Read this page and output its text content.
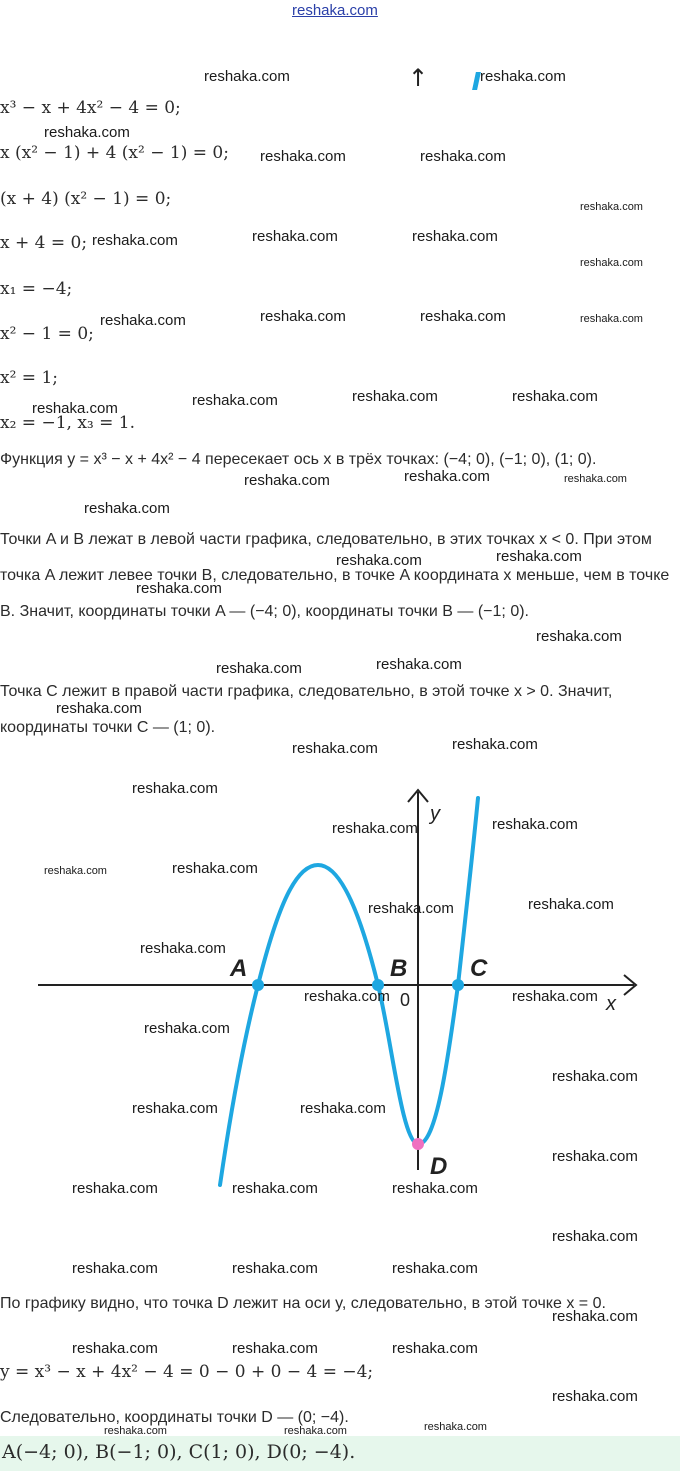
reshaka.com
↑
x³ − x + 4x² − 4 = 0;
x (x² − 1) + 4 (x² − 1) = 0;
(x + 4) (x² − 1) = 0;
x + 4 = 0;
x₁ = −4;
x² − 1 = 0;
x² = 1;
x₂ = −1, x₃ = 1.
Функция y = x³ − x + 4x² − 4 пересекает ось x в трёх точках: (−4; 0), (−1; 0), (1; 0).
Точки A и B лежат в левой части графика, следовательно, в этих точках x < 0. При этом точка A лежит левее точки B, следовательно, в точке A координата x меньше, чем в точке B. Значит, координаты точки A — (−4; 0), координаты точки B — (−1; 0).
Точка C лежит в правой части графика, следовательно, в этой точке x > 0. Значит, координаты точки C — (1; 0).
A	B	C
D
0	x
y
По графику видно, что точка D лежит на оси y, следовательно, в этой точке x = 0.
y = x³ − x + 4x² − 4 = 0 − 0 + 0 − 4 = −4;
Следовательно, координаты точки D — (0; −4).
A(−4; 0), B(−1; 0), C(1; 0), D(0; −4).
reshaka.com	reshaka.com
reshaka.com
reshaka.com	reshaka.com
reshaka.com
reshaka.com	reshaka.com	reshaka.com
reshaka.com
reshaka.com	reshaka.com	reshaka.com	reshaka.com
reshaka.com	reshaka.com	reshaka.com
reshaka.com
reshaka.com	reshaka.com	reshaka.com
reshaka.com
reshaka.com	reshaka.com
reshaka.com
reshaka.com
reshaka.com	reshaka.com
reshaka.com
reshaka.com	reshaka.com
reshaka.com
reshaka.com	reshaka.com
reshaka.com	reshaka.com
reshaka.com	reshaka.com
reshaka.com
reshaka.com	reshaka.com
reshaka.com
reshaka.com
reshaka.com	reshaka.com
reshaka.com
reshaka.com	reshaka.com	reshaka.com
reshaka.com
reshaka.com	reshaka.com	reshaka.com
reshaka.com
reshaka.com	reshaka.com	reshaka.com
reshaka.com
reshaka.com
reshaka.com	reshaka.com
